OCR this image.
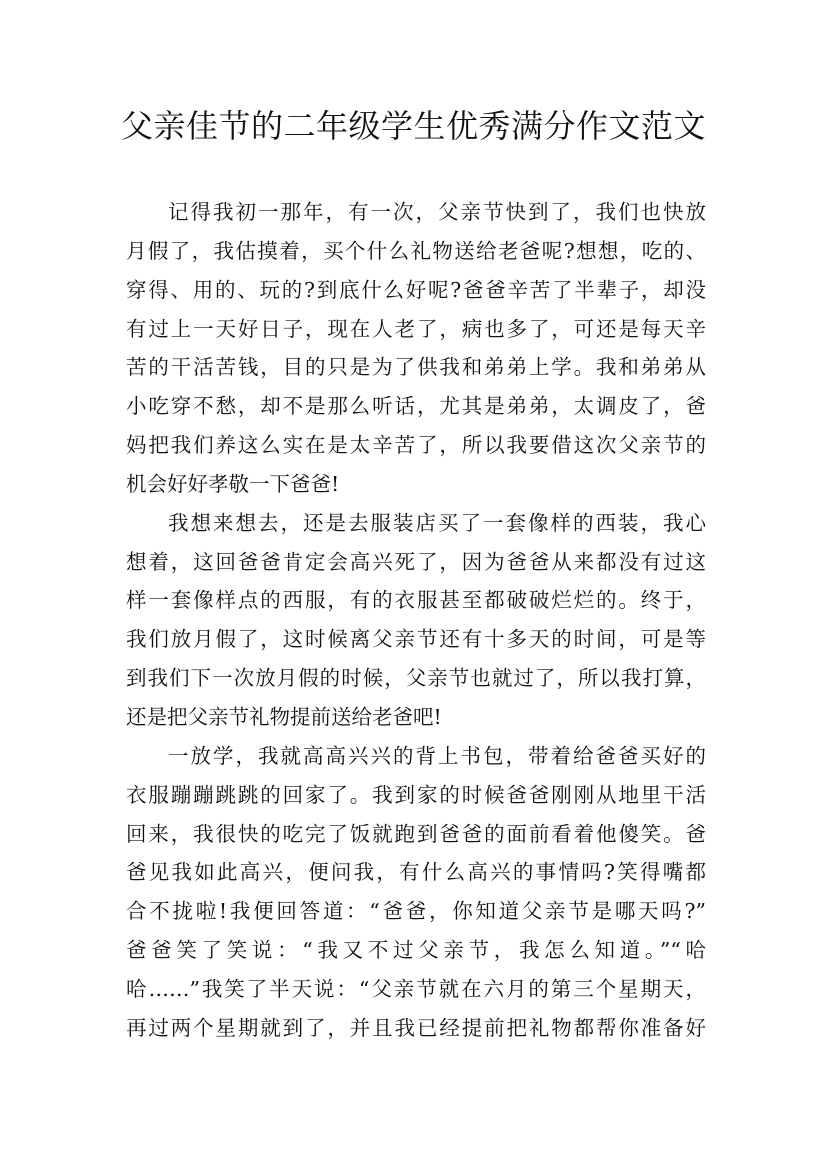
父亲佳节的二年级学生优秀满分作文范文
记得我初一那年，有一次，父亲节快到了，我们也快放
月假了，我估摸着，买个什么礼物送给老爸呢?想想，吃的、
穿得、用的、玩的?到底什么好呢?爸爸辛苦了半辈子，却没
有过上一天好日子，现在人老了，病也多了，可还是每天辛
苦的干活苦钱，目的只是为了供我和弟弟上学。我和弟弟从
小吃穿不愁，却不是那么听话，尤其是弟弟，太调皮了，爸
妈把我们养这么实在是太辛苦了，所以我要借这次父亲节的
机会好好孝敬一下爸爸!
我想来想去，还是去服装店买了一套像样的西装，我心
想着，这回爸爸肯定会高兴死了，因为爸爸从来都没有过这
样一套像样点的西服，有的衣服甚至都破破烂烂的。终于，
我们放月假了，这时候离父亲节还有十多天的时间，可是等
到我们下一次放月假的时候，父亲节也就过了，所以我打算，
还是把父亲节礼物提前送给老爸吧!
一放学，我就高高兴兴的背上书包，带着给爸爸买好的
衣服蹦蹦跳跳的回家了。我到家的时候爸爸刚刚从地里干活
回来，我很快的吃完了饭就跑到爸爸的面前看着他傻笑。爸
爸见我如此高兴，便问我，有什么高兴的事情吗?笑得嘴都
合不拢啦!我便回答道：“爸爸，你知道父亲节是哪天吗?”
爸爸笑了笑说：“我又不过父亲节，我怎么知道。”“哈
哈……”我笑了半天说：“父亲节就在六月的第三个星期天，
再过两个星期就到了，并且我已经提前把礼物都帮你准备好
